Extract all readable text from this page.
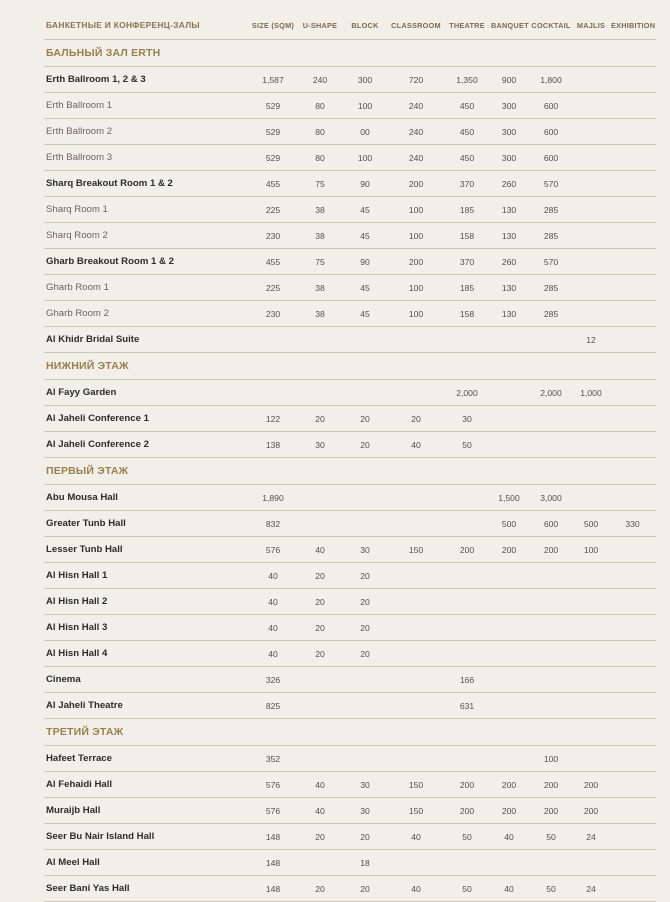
БАНКЕТНЫЕ И КОНФЕРЕНЦ-ЗАЛЫ	SIZE (SQM)	U-SHAPE	BLOCK	CLASSROOM	THEATRE	BANQUET	COCKTAIL	MAJLIS	EXHIBITION
БАЛЬНЫЙ ЗАЛ ERTH									
Erth Ballroom 1, 2 & 3	1,587	240	300	720	1,350	900	1,800		
Erth Ballroom 1	529	80	100	240	450	300	600		
Erth Ballroom 2	529	80	00	240	450	300	600		
Erth Ballroom 3	529	80	100	240	450	300	600		
Sharq Breakout Room 1 & 2	455	75	90	200	370	260	570		
Sharq Room 1	225	38	45	100	185	130	285		
Sharq Room 2	230	38	45	100	158	130	285		
Gharb Breakout Room 1 & 2	455	75	90	200	370	260	570		
Gharb Room 1	225	38	45	100	185	130	285		
Gharb Room 2	230	38	45	100	158	130	285		
Al Khidr Bridal Suite								12	
НИЖНИЙ ЭТАЖ									
Al Fayy Garden					2,000		2,000	1,000	
Al Jaheli Conference 1	122	20	20	20	30				
Al Jaheli Conference 2	138	30	20	40	50				
ПЕРВЫЙ ЭТАЖ									
Abu Mousa Hall	1,890					1,500	3,000		
Greater Tunb Hall	832					500	600	500	330
Lesser Tunb Hall	576	40	30	150	200	200	200	100	
Al Hisn Hall 1	40	20	20						
Al Hisn Hall 2	40	20	20						
Al Hisn Hall 3	40	20	20						
Al Hisn Hall 4	40	20	20						
Cinema	326				166				
Al Jaheli Theatre	825				631				
ТРЕТИЙ ЭТАЖ									
Hafeet Terrace	352						100		
Al Fehaidi Hall	576	40	30	150	200	200	200	200	
Muraijb Hall	576	40	30	150	200	200	200	200	
Seer Bu Nair Island Hall	148	20	20	40	50	40	50	24	
Al Meel Hall	148		18						
Seer Bani Yas Hall	148	20	20	40	50	40	50	24	
